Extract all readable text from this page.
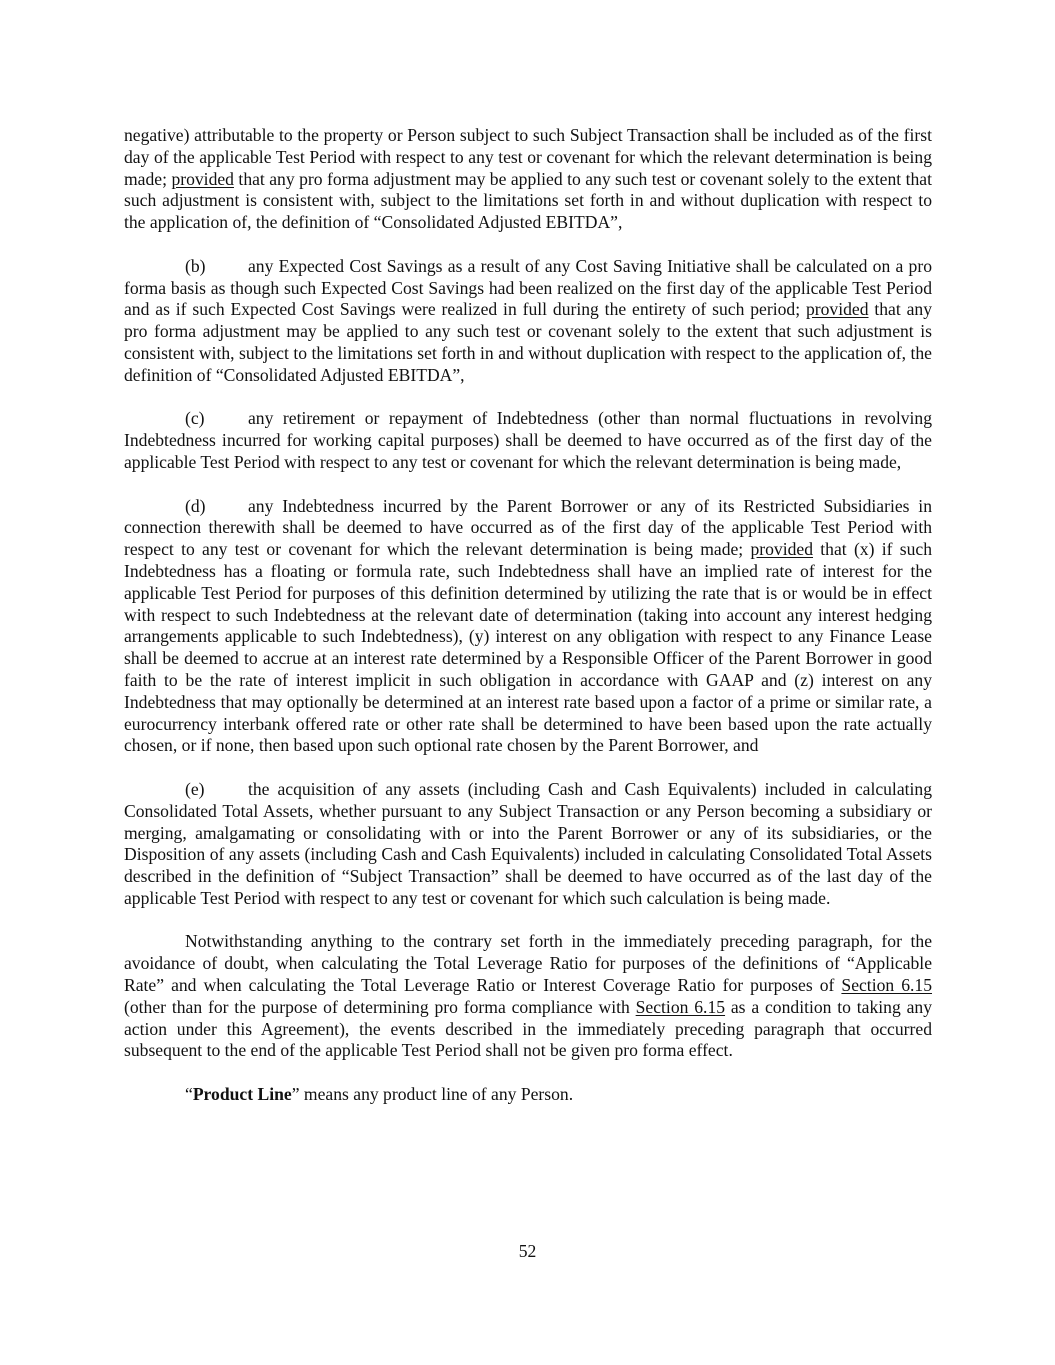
negative) attributable to the property or Person subject to such Subject Transaction shall be included as of the first day of the applicable Test Period with respect to any test or covenant for which the relevant determination is being made; provided that any pro forma adjustment may be applied to any such test or covenant solely to the extent that such adjustment is consistent with, subject to the limitations set forth in and without duplication with respect to the application of, the definition of “Consolidated Adjusted EBITDA”,

(b) any Expected Cost Savings as a result of any Cost Saving Initiative shall be calculated on a pro forma basis as though such Expected Cost Savings had been realized on the first day of the applicable Test Period and as if such Expected Cost Savings were realized in full during the entirety of such period; provided that any pro forma adjustment may be applied to any such test or covenant solely to the extent that such adjustment is consistent with, subject to the limitations set forth in and without duplication with respect to the application of, the definition of “Consolidated Adjusted EBITDA”,

(c) any retirement or repayment of Indebtedness (other than normal fluctuations in revolving Indebtedness incurred for working capital purposes) shall be deemed to have occurred as of the first day of the applicable Test Period with respect to any test or covenant for which the relevant determination is being made,

(d) any Indebtedness incurred by the Parent Borrower or any of its Restricted Subsidiaries in connection therewith shall be deemed to have occurred as of the first day of the applicable Test Period with respect to any test or covenant for which the relevant determination is being made; provided that (x) if such Indebtedness has a floating or formula rate, such Indebtedness shall have an implied rate of interest for the applicable Test Period for purposes of this definition determined by utilizing the rate that is or would be in effect with respect to such Indebtedness at the relevant date of determination (taking into account any interest hedging arrangements applicable to such Indebtedness), (y) interest on any obligation with respect to any Finance Lease shall be deemed to accrue at an interest rate determined by a Responsible Officer of the Parent Borrower in good faith to be the rate of interest implicit in such obligation in accordance with GAAP and (z) interest on any Indebtedness that may optionally be determined at an interest rate based upon a factor of a prime or similar rate, a eurocurrency interbank offered rate or other rate shall be determined to have been based upon the rate actually chosen, or if none, then based upon such optional rate chosen by the Parent Borrower, and

(e) the acquisition of any assets (including Cash and Cash Equivalents) included in calculating Consolidated Total Assets, whether pursuant to any Subject Transaction or any Person becoming a subsidiary or merging, amalgamating or consolidating with or into the Parent Borrower or any of its subsidiaries, or the Disposition of any assets (including Cash and Cash Equivalents) included in calculating Consolidated Total Assets described in the definition of “Subject Transaction” shall be deemed to have occurred as of the last day of the applicable Test Period with respect to any test or covenant for which such calculation is being made.

Notwithstanding anything to the contrary set forth in the immediately preceding paragraph, for the avoidance of doubt, when calculating the Total Leverage Ratio for purposes of the definitions of “Applicable Rate” and when calculating the Total Leverage Ratio or Interest Coverage Ratio for purposes of Section 6.15 (other than for the purpose of determining pro forma compliance with Section 6.15 as a condition to taking any action under this Agreement), the events described in the immediately preceding paragraph that occurred subsequent to the end of the applicable Test Period shall not be given pro forma effect.

“Product Line” means any product line of any Person.

52
